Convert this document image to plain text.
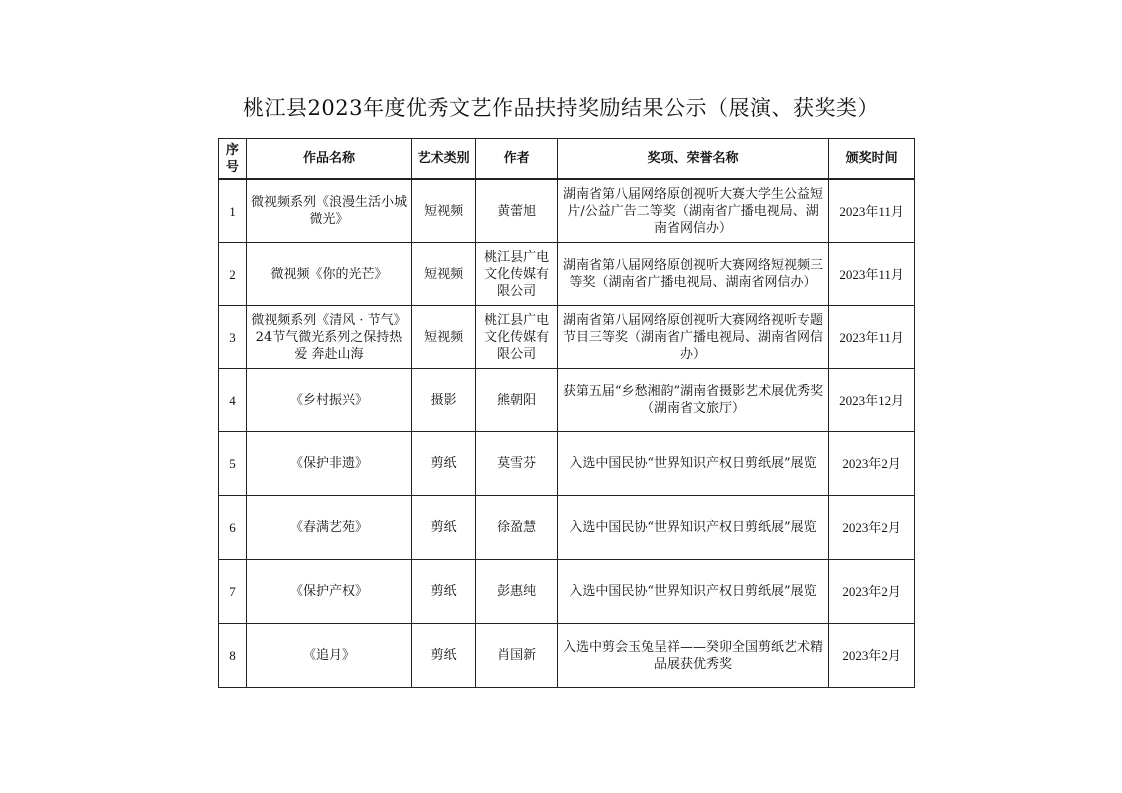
桃江县2023年度优秀文艺作品扶持奖励结果公示（展演、获奖类）
序号	作品名称	艺术类别	作者	奖项、荣誉名称	颁奖时间
1	微视频系列《浪漫生活小城微光》	短视频	黄蕾旭	湖南省第八届网络原创视听大赛大学生公益短片/公益广告二等奖（湖南省广播电视局、湖南省网信办）	2023年11月
2	微视频《你的光芒》	短视频	桃江县广电文化传媒有限公司	湖南省第八届网络原创视听大赛网络短视频三等奖（湖南省广播电视局、湖南省网信办）	2023年11月
3	微视频系列《清风 · 节气》24节气微光系列之保持热爱 奔赴山海	短视频	桃江县广电文化传媒有限公司	湖南省第八届网络原创视听大赛网络视听专题节目三等奖（湖南省广播电视局、湖南省网信办）	2023年11月
4	《乡村振兴》	摄影	熊朝阳	获第五届“乡愁湘韵”湖南省摄影艺术展优秀奖（湖南省文旅厅）	2023年12月
5	《保护非遗》	剪纸	莫雪芬	入选中国民协“世界知识产权日剪纸展”展览	2023年2月
6	《春满艺苑》	剪纸	徐盈慧	入选中国民协“世界知识产权日剪纸展”展览	2023年2月
7	《保护产权》	剪纸	彭惠纯	入选中国民协“世界知识产权日剪纸展”展览	2023年2月
8	《追月》	剪纸	肖国新	入选中剪会玉兔呈祥——癸卯全国剪纸艺术精品展获优秀奖	2023年2月
